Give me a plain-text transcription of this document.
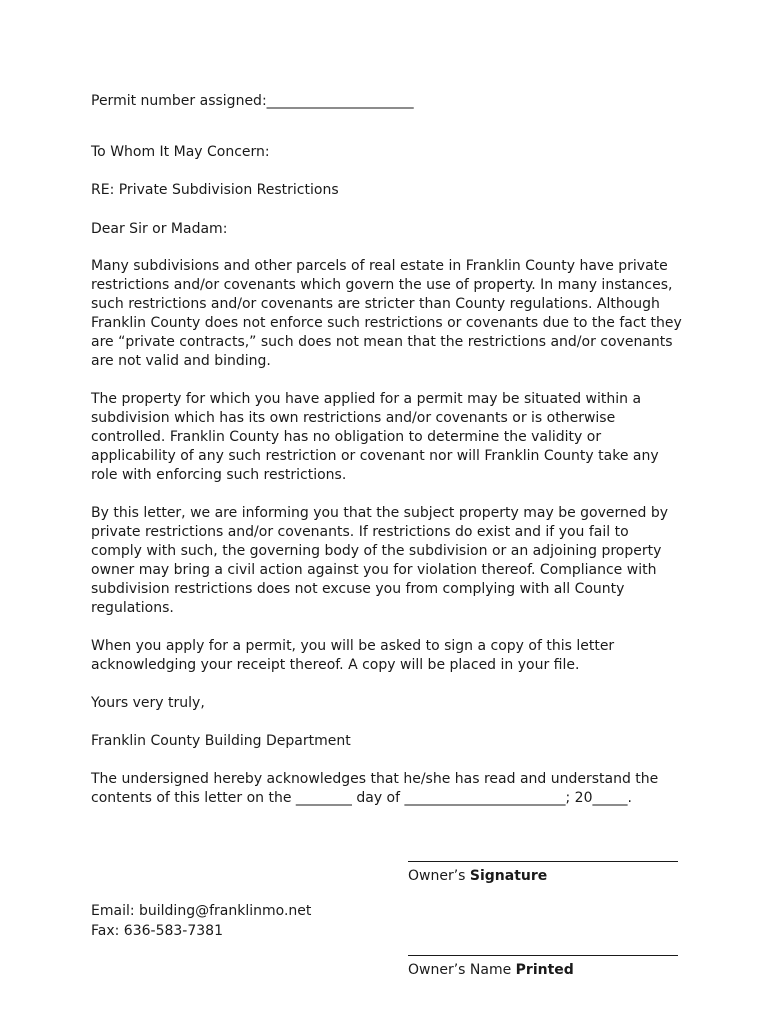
Permit number assigned:_____________________
To Whom It May Concern:
RE: Private Subdivision Restrictions
Dear Sir or Madam:
Many subdivisions and other parcels of real estate in Franklin County have private
restrictions and/or covenants which govern the use of property. In many instances,
such restrictions and/or covenants are stricter than County regulations. Although
Franklin County does not enforce such restrictions or covenants due to the fact they
are “private contracts,” such does not mean that the restrictions and/or covenants
are not valid and binding.
The property for which you have applied for a permit may be situated within a
subdivision which has its own restrictions and/or covenants or is otherwise
controlled. Franklin County has no obligation to determine the validity or
applicability of any such restriction or covenant nor will Franklin County take any
role with enforcing such restrictions.
By this letter, we are informing you that the subject property may be governed by
private restrictions and/or covenants. If restrictions do exist and if you fail to
comply with such, the governing body of the subdivision or an adjoining property
owner may bring a civil action against you for violation thereof. Compliance with
subdivision restrictions does not excuse you from complying with all County
regulations.
When you apply for a permit, you will be asked to sign a copy of this letter
acknowledging your receipt thereof. A copy will be placed in your file.
Yours very truly,
Franklin County Building Department
The undersigned hereby acknowledges that he/she has read and understand the
contents of this letter on the ________ day of _______________________; 20_____.
Email: building@franklinmo.net
Fax: 636-583-7381
Owner’s Signature
Owner’s Name Printed
